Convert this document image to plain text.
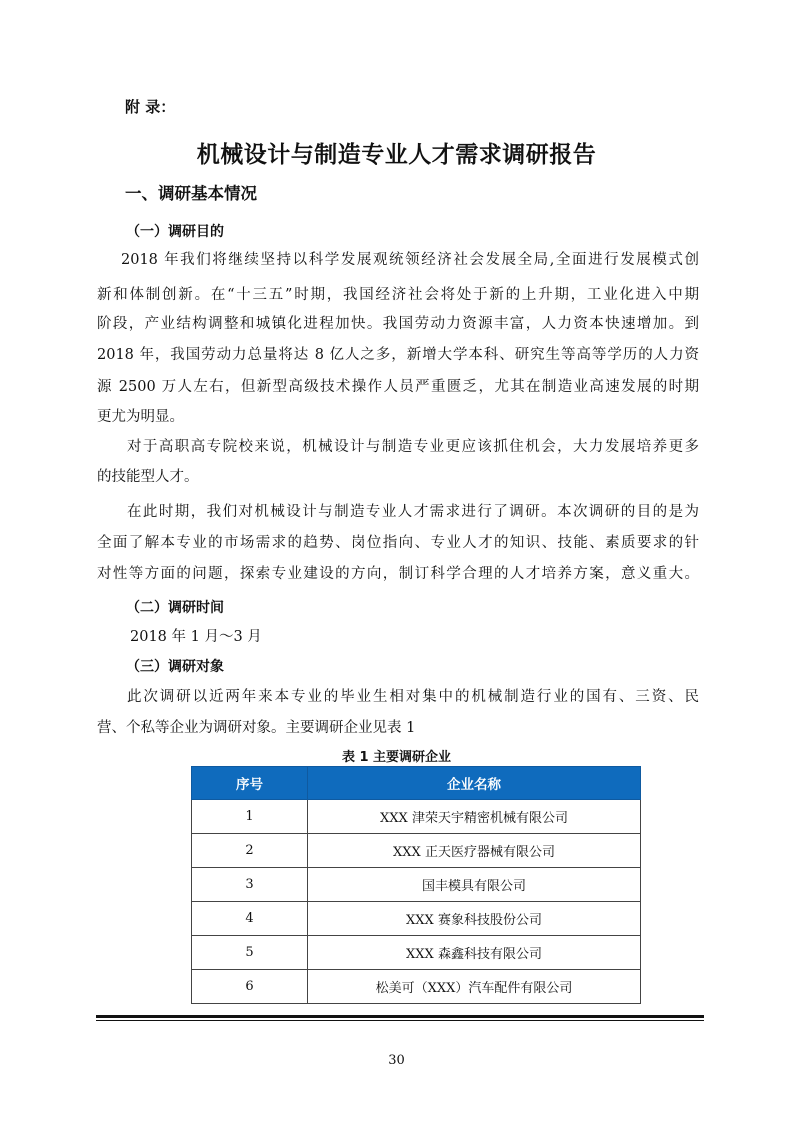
附 录：
机械设计与制造专业人才需求调研报告
一、调研基本情况
（一）调研目的
2018 年我们将继续坚持以科学发展观统领经济社会发展全局,全面进行发展模式创
新和体制创新。在“十三五”时期，我国经济社会将处于新的上升期，工业化进入中期
阶段，产业结构调整和城镇化进程加快。我国劳动力资源丰富，人力资本快速增加。到
2018 年，我国劳动力总量将达 8 亿人之多，新增大学本科、研究生等高等学历的人力资
源 2500 万人左右，但新型高级技术操作人员严重匮乏，尤其在制造业高速发展的时期
更尤为明显。
对于高职高专院校来说，机械设计与制造专业更应该抓住机会，大力发展培养更多
的技能型人才。
在此时期，我们对机械设计与制造专业人才需求进行了调研。本次调研的目的是为
全面了解本专业的市场需求的趋势、岗位指向、专业人才的知识、技能、素质要求的针
对性等方面的问题，探索专业建设的方向，制订科学合理的人才培养方案，意义重大。
（二）调研时间
2018 年 1 月～3 月
（三）调研对象
此次调研以近两年来本专业的毕业生相对集中的机械制造行业的国有、三资、民
营、个私等企业为调研对象。主要调研企业见表 1
表 1 主要调研企业
序号	企业名称
1	XXX 津荣天宇精密机械有限公司
2	XXX 正天医疗器械有限公司
3	国丰模具有限公司
4	XXX 赛象科技股份公司
5	XXX 森鑫科技有限公司
6	松美可（XXX）汽车配件有限公司
30
